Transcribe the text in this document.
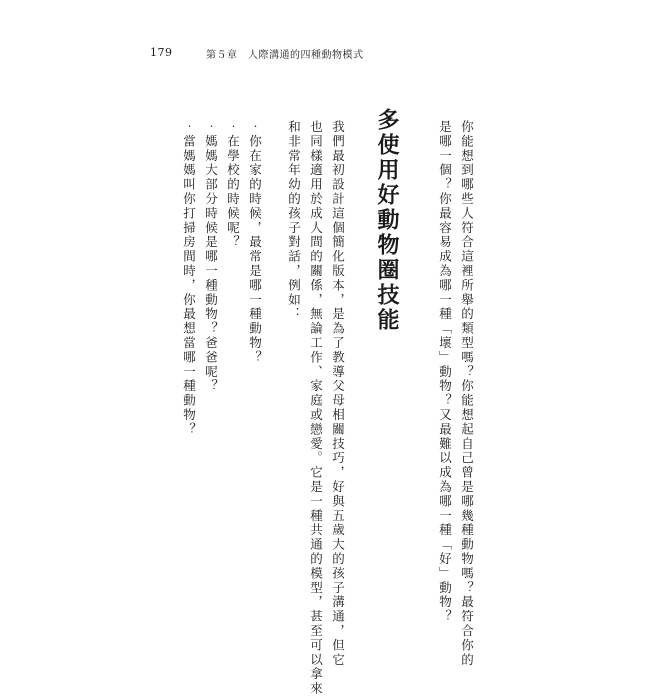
179	第５章　人際溝通的四種動物模式
你能想到哪些人符合這裡所舉的類型嗎？你能想起自己曾是哪幾種動物嗎？最符合你的
是哪一個？你最容易成為哪一種「壞」動物？又最難以成為哪一種「好」動物？
多使用好動物圈技能
我們最初設計這個簡化版本，是為了教導父母相關技巧，好與五歲大的孩子溝通，但它
也同樣適用於成人間的關係，無論工作、家庭或戀愛。它是一種共通的模型，甚至可以拿來
和非常年幼的孩子對話，例如：
‧你在家的時候，最常是哪一種動物？
‧在學校的時候呢？
‧媽媽大部分時候是哪一種動物？爸爸呢？
‧當媽媽叫你打掃房間時，你最想當哪一種動物？
